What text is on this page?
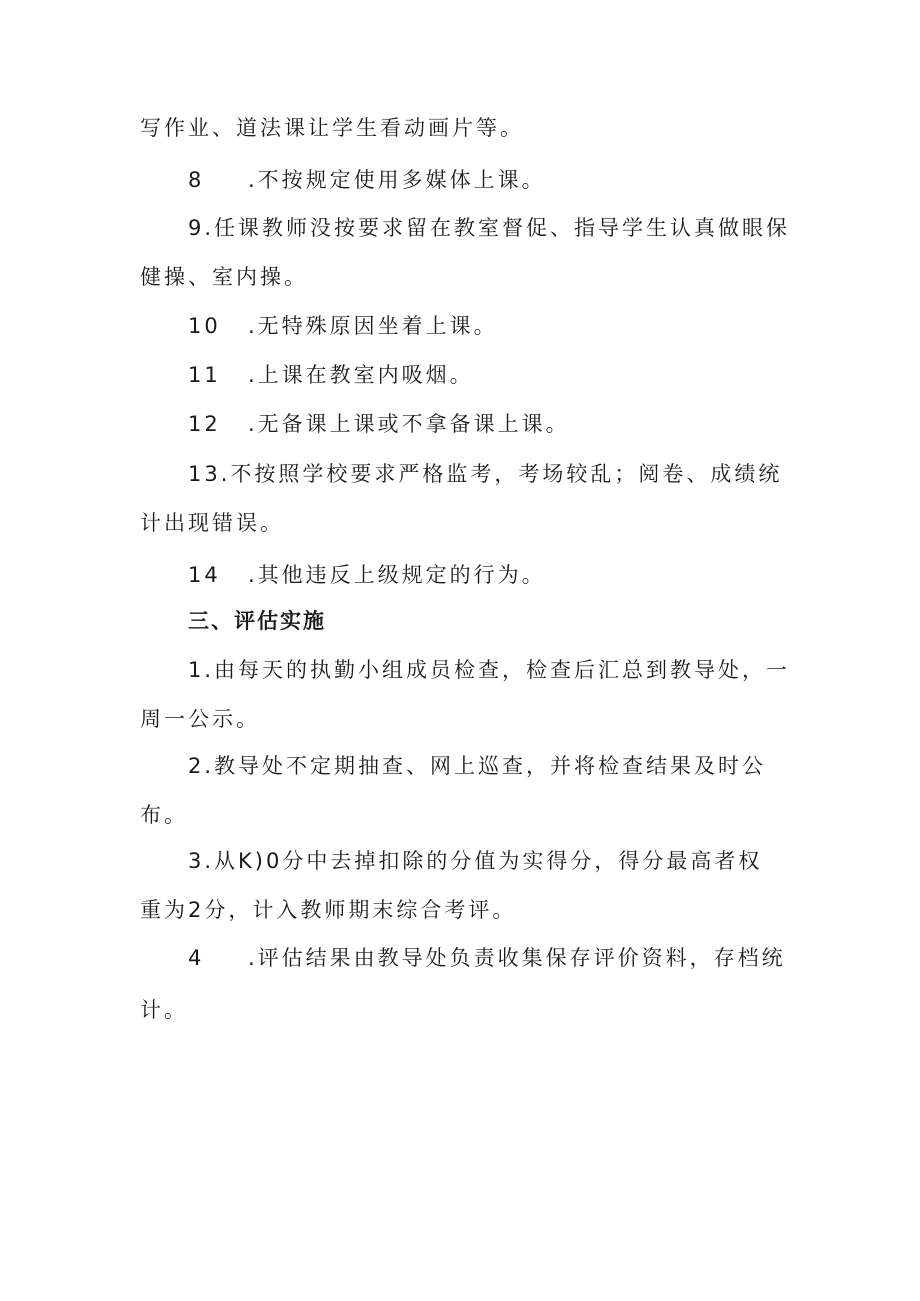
写作业、道法课让学生看动画片等。
8 .不按规定使用多媒体上课。
9.任课教师没按要求留在教室督促、指导学生认真做眼保
健操、室内操。
10 .无特殊原因坐着上课。
11 .上课在教室内吸烟。
12 .无备课上课或不拿备课上课。
13.不按照学校要求严格监考，考场较乱；阅卷、成绩统
计出现错误。
14 .其他违反上级规定的行为。
三、评估实施
1.由每天的执勤小组成员检查，检查后汇总到教导处，一
周一公示。
2.教导处不定期抽查、网上巡查，并将检查结果及时公
布。
3.从K)0分中去掉扣除的分值为实得分，得分最高者权
重为2分，计入教师期末综合考评。
4 .评估结果由教导处负责收集保存评价资料，存档统
计。
